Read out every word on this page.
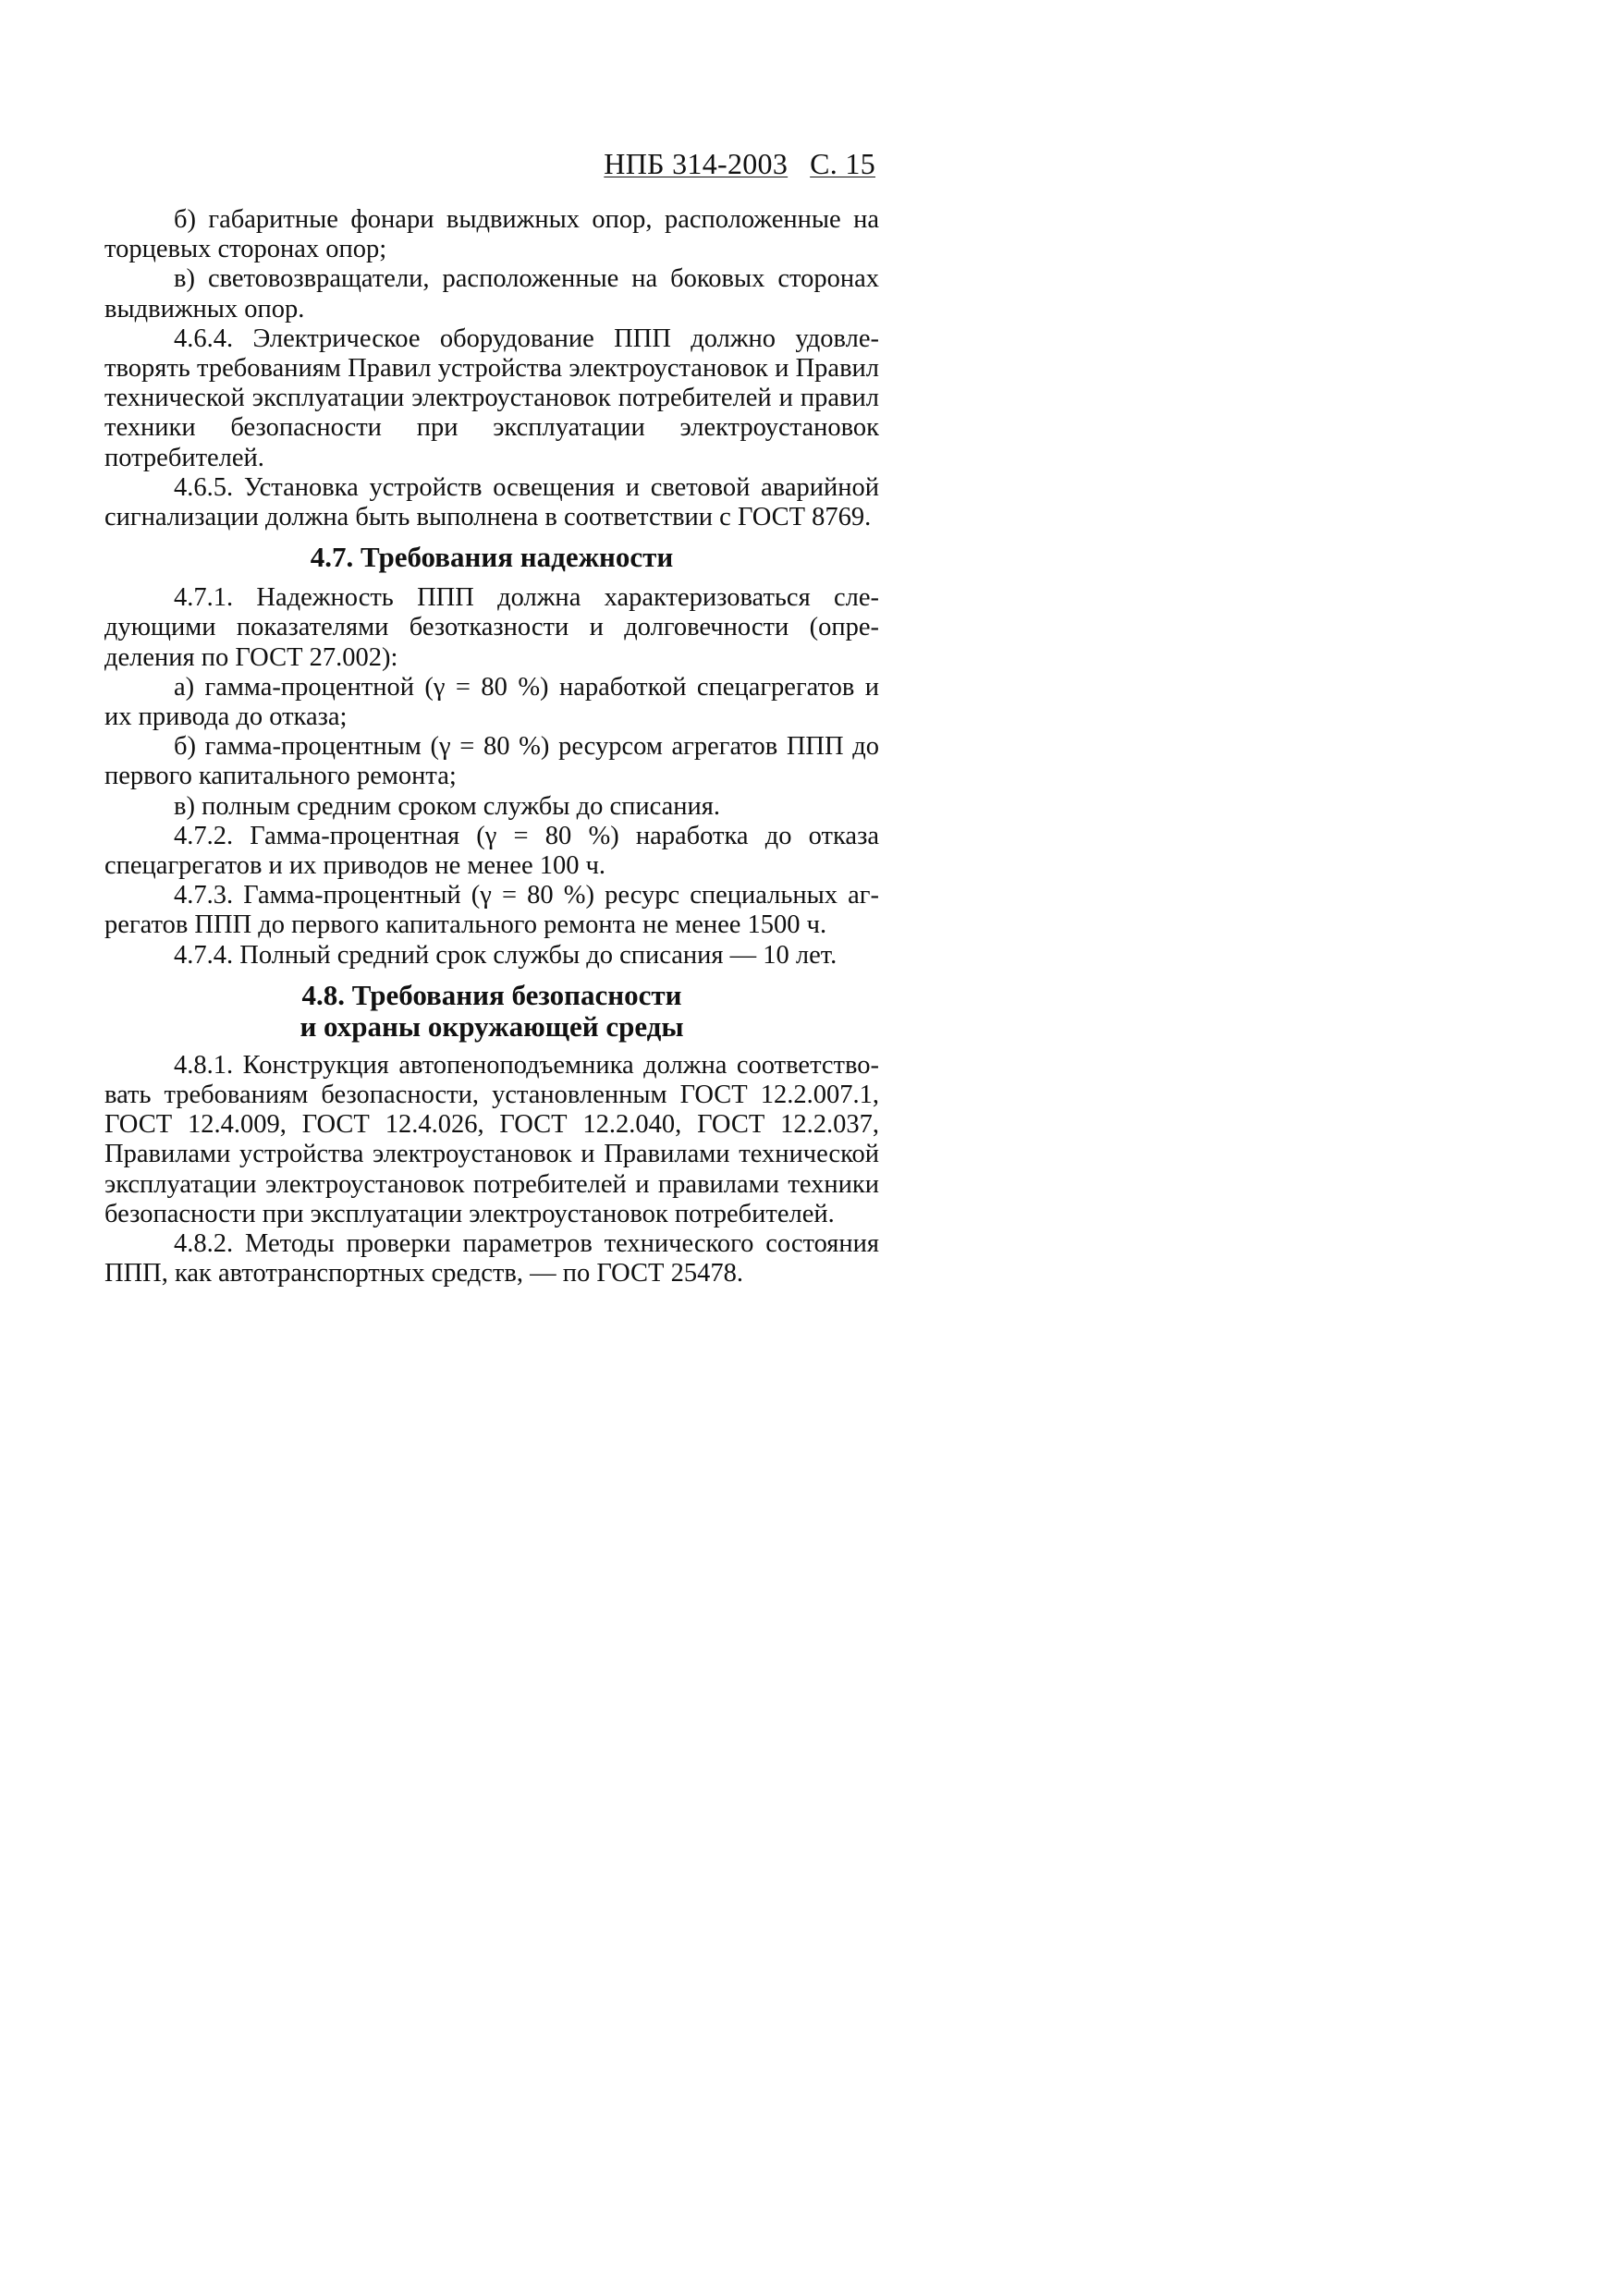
НПБ 314-2003 С. 15

б) габаритные фонари выдвижных опор, расположенные на торцевых сторонах опор;

в) световозвращатели, расположенные на боковых сторонах выдвижных опор.

4.6.4. Электрическое оборудование ППП должно удовлетворять требованиям Правил устройства электроустановок и Правил технической эксплуатации электроустановок потребителей и правил техники безопасности при эксплуатации электроустановок потребителей.

4.6.5. Установка устройств освещения и световой аварийной сигнализации должна быть выполнена в соответствии с ГОСТ 8769.

4.7. Требования надежности

4.7.1. Надежность ППП должна характеризоваться следующими показателями безотказности и долговечности (определения по ГОСТ 27.002):

а) гамма-процентной (γ = 80 %) наработкой спецагрегатов и их привода до отказа;

б) гамма-процентным (γ = 80 %) ресурсом агрегатов ППП до первого капитального ремонта;

в) полным средним сроком службы до списания.

4.7.2. Гамма-процентная (γ = 80 %) наработка до отказа спецагрегатов и их приводов не менее 100 ч.

4.7.3. Гамма-процентный (γ = 80 %) ресурс специальных агрегатов ППП до первого капитального ремонта не менее 1500 ч.

4.7.4. Полный средний срок службы до списания — 10 лет.

4.8. Требования безопасности
и охраны окружающей среды

4.8.1. Конструкция автопеноподъемника должна соответствовать требованиям безопасности, установленным ГОСТ 12.2.007.1, ГОСТ 12.4.009, ГОСТ 12.4.026, ГОСТ 12.2.040, ГОСТ 12.2.037, Правилами устройства электроустановок и Правилами технической эксплуатации электроустановок потребителей и правилами техники безопасности при эксплуатации электроустановок потребителей.

4.8.2. Методы проверки параметров технического состояния ППП, как автотранспортных средств, — по ГОСТ 25478.
